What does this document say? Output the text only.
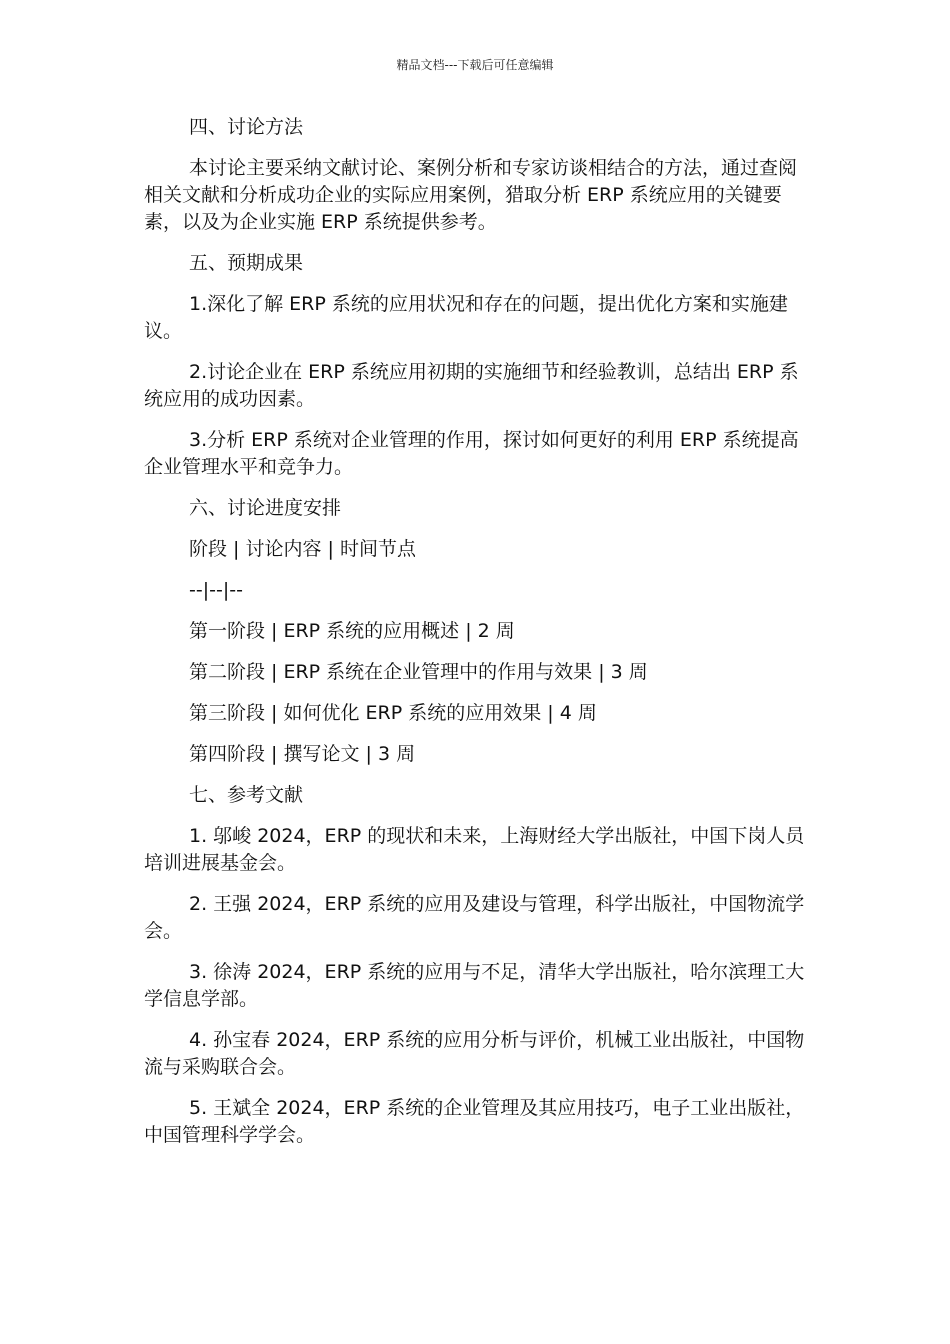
精品文档---下载后可任意编辑

四、讨论方法

本讨论主要采纳文献讨论、案例分析和专家访谈相结合的方法，通过查阅相关文献和分析成功企业的实际应用案例，猎取分析 ERP 系统应用的关键要素，以及为企业实施 ERP 系统提供参考。

五、预期成果

1.深化了解 ERP 系统的应用状况和存在的问题，提出优化方案和实施建议。

2.讨论企业在 ERP 系统应用初期的实施细节和经验教训，总结出 ERP 系统应用的成功因素。

3.分析 ERP 系统对企业管理的作用，探讨如何更好的利用 ERP 系统提高企业管理水平和竞争力。

六、讨论进度安排

阶段 | 讨论内容 | 时间节点

--|--|--

第一阶段 | ERP 系统的应用概述 | 2 周

第二阶段 | ERP 系统在企业管理中的作用与效果 | 3 周

第三阶段 | 如何优化 ERP 系统的应用效果 | 4 周

第四阶段 | 撰写论文 | 3 周

七、参考文献

1. 邬峻 2024，ERP 的现状和未来，上海财经大学出版社，中国下岗人员培训进展基金会。

2. 王强 2024，ERP 系统的应用及建设与管理，科学出版社，中国物流学会。

3. 徐涛 2024，ERP 系统的应用与不足，清华大学出版社，哈尔滨理工大学信息学部。

4. 孙宝春 2024，ERP 系统的应用分析与评价，机械工业出版社，中国物流与采购联合会。

5. 王斌全 2024，ERP 系统的企业管理及其应用技巧，电子工业出版社，中国管理科学学会。
